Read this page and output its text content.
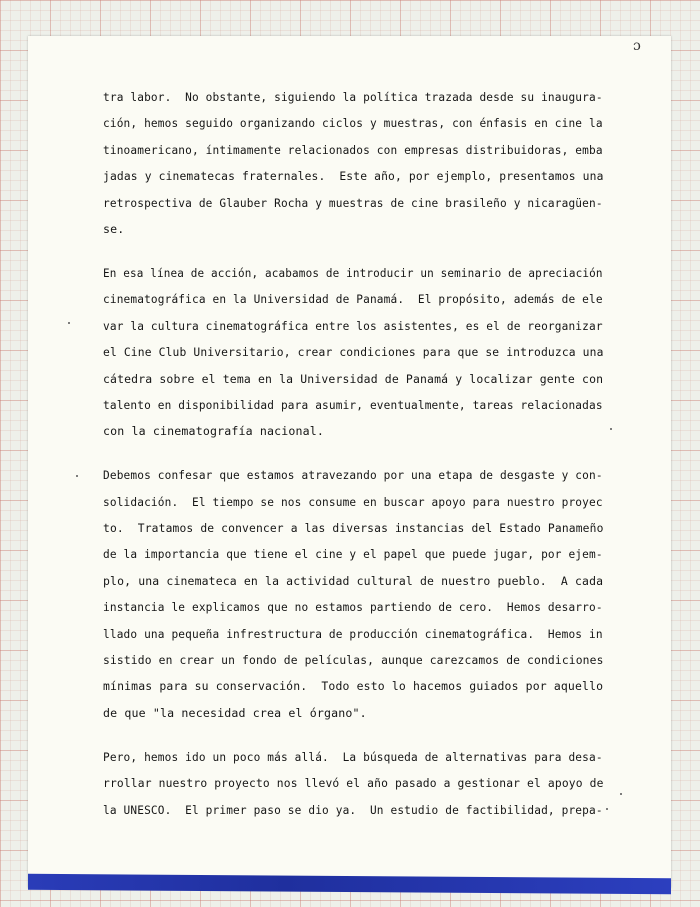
ɔ
tra labor.  No obstante, siguiendo la política trazada desde su inaugura-
ción, hemos seguido organizando ciclos y muestras, con énfasis en cine la
tinoamericano, íntimamente relacionados con empresas distribuidoras, emba
jadas y cinematecas fraternales.  Este año, por ejemplo, presentamos una
retrospectiva de Glauber Rocha y muestras de cine brasileño y nicaragüen-
se.
En esa línea de acción, acabamos de introducir un seminario de apreciación
cinematográfica en la Universidad de Panamá.  El propósito, además de ele
var la cultura cinematográfica entre los asistentes, es el de reorganizar
el Cine Club Universitario, crear condiciones para que se introduzca una
cátedra sobre el tema en la Universidad de Panamá y localizar gente con
talento en disponibilidad para asumir, eventualmente, tareas relacionadas
con la cinematografía nacional.
Debemos confesar que estamos atravezando por una etapa de desgaste y con-
solidación.  El tiempo se nos consume en buscar apoyo para nuestro proyec
to.  Tratamos de convencer a las diversas instancias del Estado Panameño
de la importancia que tiene el cine y el papel que puede jugar, por ejem-
plo, una cinemateca en la actividad cultural de nuestro pueblo.  A cada
instancia le explicamos que no estamos partiendo de cero.  Hemos desarro-
llado una pequeña infrestructura de producción cinematográfica.  Hemos in
sistido en crear un fondo de películas, aunque carezcamos de condiciones
mínimas para su conservación.  Todo esto lo hacemos guiados por aquello
de que "la necesidad crea el órgano".
Pero, hemos ido un poco más allá.  La búsqueda de alternativas para desa-
rrollar nuestro proyecto nos llevó el año pasado a gestionar el apoyo de
la UNESCO.  El primer paso se dio ya.  Un estudio de factibilidad, prepa-
